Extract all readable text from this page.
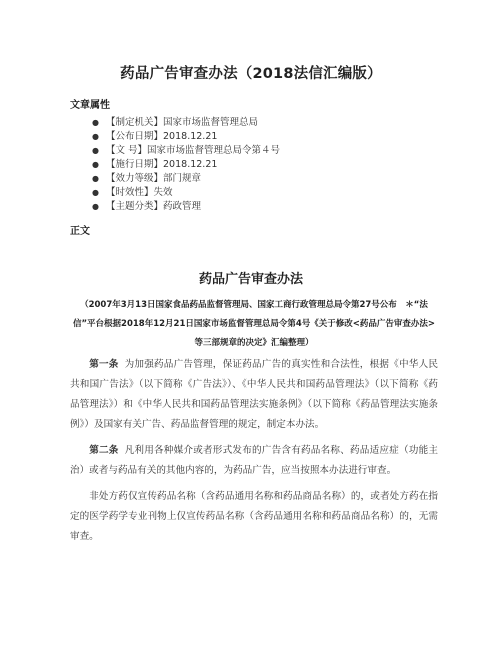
药品广告审查办法（2018法信汇编版）
文章属性
● 【制定机关】国家市场监督管理总局
● 【公布日期】2018.12.21
● 【文 号】国家市场监督管理总局令第４号
● 【施行日期】2018.12.21
● 【效力等级】部门规章
● 【时效性】失效
● 【主题分类】药政管理
正文
药品广告审查办法
（2007年3月13日国家食品药品监督管理局、国家工商行政管理总局令第27号公布　＊“法信”平台根据2018年12月21日国家市场监督管理总局令第4号《关于修改<药品广告审查办法>等三部规章的决定》汇编整理）

第一条 为加强药品广告管理，保证药品广告的真实性和合法性，根据《中华人民共和国广告法》（以下简称《广告法》）、《中华人民共和国药品管理法》（以下简称《药品管理法》）和《中华人民共和国药品管理法实施条例》（以下简称《药品管理法实施条例》）及国家有关广告、药品监督管理的规定，制定本办法。

第二条 凡利用各种媒介或者形式发布的广告含有药品名称、药品适应症（功能主治）或者与药品有关的其他内容的，为药品广告，应当按照本办法进行审查。

非处方药仅宣传药品名称（含药品通用名称和药品商品名称）的，或者处方药在指定的医学药学专业刊物上仅宣传药品名称（含药品通用名称和药品商品名称）的，无需审查。
